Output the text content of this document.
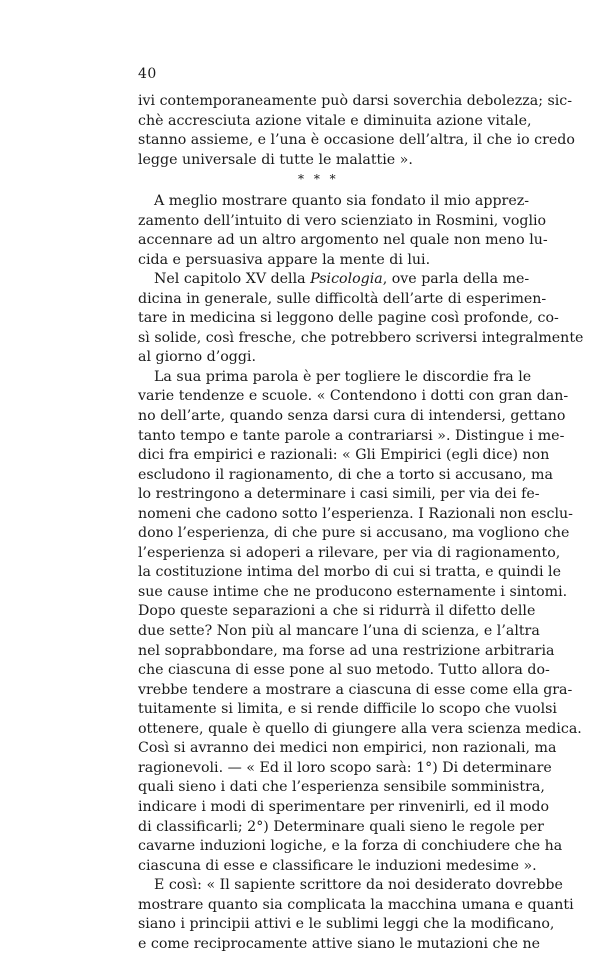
40
ivi contemporaneamente può darsi soverchia debolezza; sic-
chè accresciuta azione vitale e diminuita azione vitale,
stanno assieme, e l’una è occasione dell’altra, il che io credo
legge universale di tutte le malattie ».
* * *
A meglio mostrare quanto sia fondato il mio apprez-
zamento dell’intuito di vero scienziato in Rosmini, voglio
accennare ad un altro argomento nel quale non meno lu-
cida e persuasiva appare la mente di lui.
Nel capitolo XV della Psicologia, ove parla della me-
dicina in generale, sulle difficoltà dell’arte di esperimen-
tare in medicina si leggono delle pagine così profonde, co-
sì solide, così fresche, che potrebbero scriversi integralmente
al giorno d’oggi.
La sua prima parola è per togliere le discordie fra le
varie tendenze e scuole. « Contendono i dotti con gran dan-
no dell’arte, quando senza darsi cura di intendersi, gettano
tanto tempo e tante parole a contrariarsi ». Distingue i me-
dici fra empirici e razionali: « Gli Empirici (egli dice) non
escludono il ragionamento, di che a torto si accusano, ma
lo restringono a determinare i casi simili, per via dei fe-
nomeni che cadono sotto l’esperienza. I Razionali non esclu-
dono l’esperienza, di che pure si accusano, ma vogliono che
l’esperienza si adoperi a rilevare, per via di ragionamento,
la costituzione intima del morbo di cui si tratta, e quindi le
sue cause intime che ne producono esternamente i sintomi.
Dopo queste separazioni a che si ridurrà il difetto delle
due sette? Non più al mancare l’una di scienza, e l’altra
nel soprabbondare, ma forse ad una restrizione arbitraria
che ciascuna di esse pone al suo metodo. Tutto allora do-
vrebbe tendere a mostrare a ciascuna di esse come ella gra-
tuitamente si limita, e si rende difficile lo scopo che vuolsi
ottenere, quale è quello di giungere alla vera scienza medica.
Così si avranno dei medici non empirici, non razionali, ma
ragionevoli. — « Ed il loro scopo sarà: 1°) Di determinare
quali sieno i dati che l’esperienza sensibile somministra,
indicare i modi di sperimentare per rinvenirli, ed il modo
di classificarli; 2°) Determinare quali sieno le regole per
cavarne induzioni logiche, e la forza di conchiudere che ha
ciascuna di esse e classificare le induzioni medesime ».
E così: « Il sapiente scrittore da noi desiderato dovrebbe
mostrare quanto sia complicata la macchina umana e quanti
siano i principii attivi e le sublimi leggi che la modificano,
e come reciprocamente attive siano le mutazioni che ne
